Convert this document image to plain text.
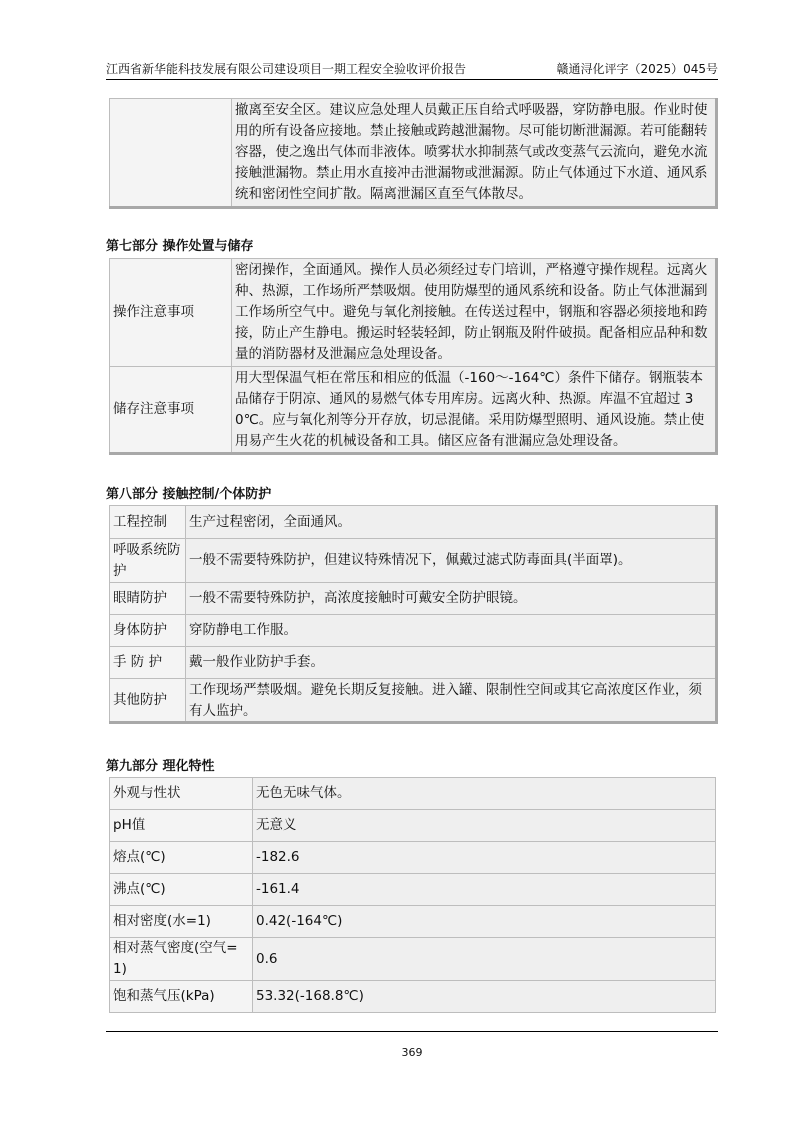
江西省新华能科技发展有限公司建设项目一期工程安全验收评价报告	赣通浔化评字（2025）045号
	撤离至安全区。建议应急处理人员戴正压自给式呼吸器，穿防静电服。作业时使用的所有设备应接地。禁止接触或跨越泄漏物。尽可能切断泄漏源。若可能翻转容器，使之逸出气体而非液体。喷雾状水抑制蒸气或改变蒸气云流向，避免水流接触泄漏物。禁止用水直接冲击泄漏物或泄漏源。防止气体通过下水道、通风系统和密闭性空间扩散。隔离泄漏区直至气体散尽。
第七部分 操作处置与储存
操作注意事项	密闭操作，全面通风。操作人员必须经过专门培训，严格遵守操作规程。远离火种、热源，工作场所严禁吸烟。使用防爆型的通风系统和设备。防止气体泄漏到工作场所空气中。避免与氧化剂接触。在传送过程中，钢瓶和容器必须接地和跨接，防止产生静电。搬运时轻装轻卸，防止钢瓶及附件破损。配备相应品种和数量的消防器材及泄漏应急处理设备。
储存注意事项	用大型保温气柜在常压和相应的低温（-160～-164℃）条件下储存。钢瓶装本品储存于阴凉、通风的易燃气体专用库房。远离火种、热源。库温不宜超过 30℃。应与氧化剂等分开存放，切忌混储。采用防爆型照明、通风设施。禁止使用易产生火花的机械设备和工具。储区应备有泄漏应急处理设备。
第八部分 接触控制/个体防护
工程控制	生产过程密闭，全面通风。
呼吸系统防护	一般不需要特殊防护，但建议特殊情况下，佩戴过滤式防毒面具(半面罩)。
眼睛防护	一般不需要特殊防护，高浓度接触时可戴安全防护眼镜。
身体防护	穿防静电工作服。
手 防 护	戴一般作业防护手套。
其他防护	工作现场严禁吸烟。避免长期反复接触。进入罐、限制性空间或其它高浓度区作业，须有人监护。
第九部分 理化特性
外观与性状	无色无味气体。
pH值	无意义
熔点(℃)	-182.6
沸点(℃)	-161.4
相对密度(水=1)	0.42(-164℃)
相对蒸气密度(空气=1)	0.6
饱和蒸气压(kPa)	53.32(-168.8℃)
369
